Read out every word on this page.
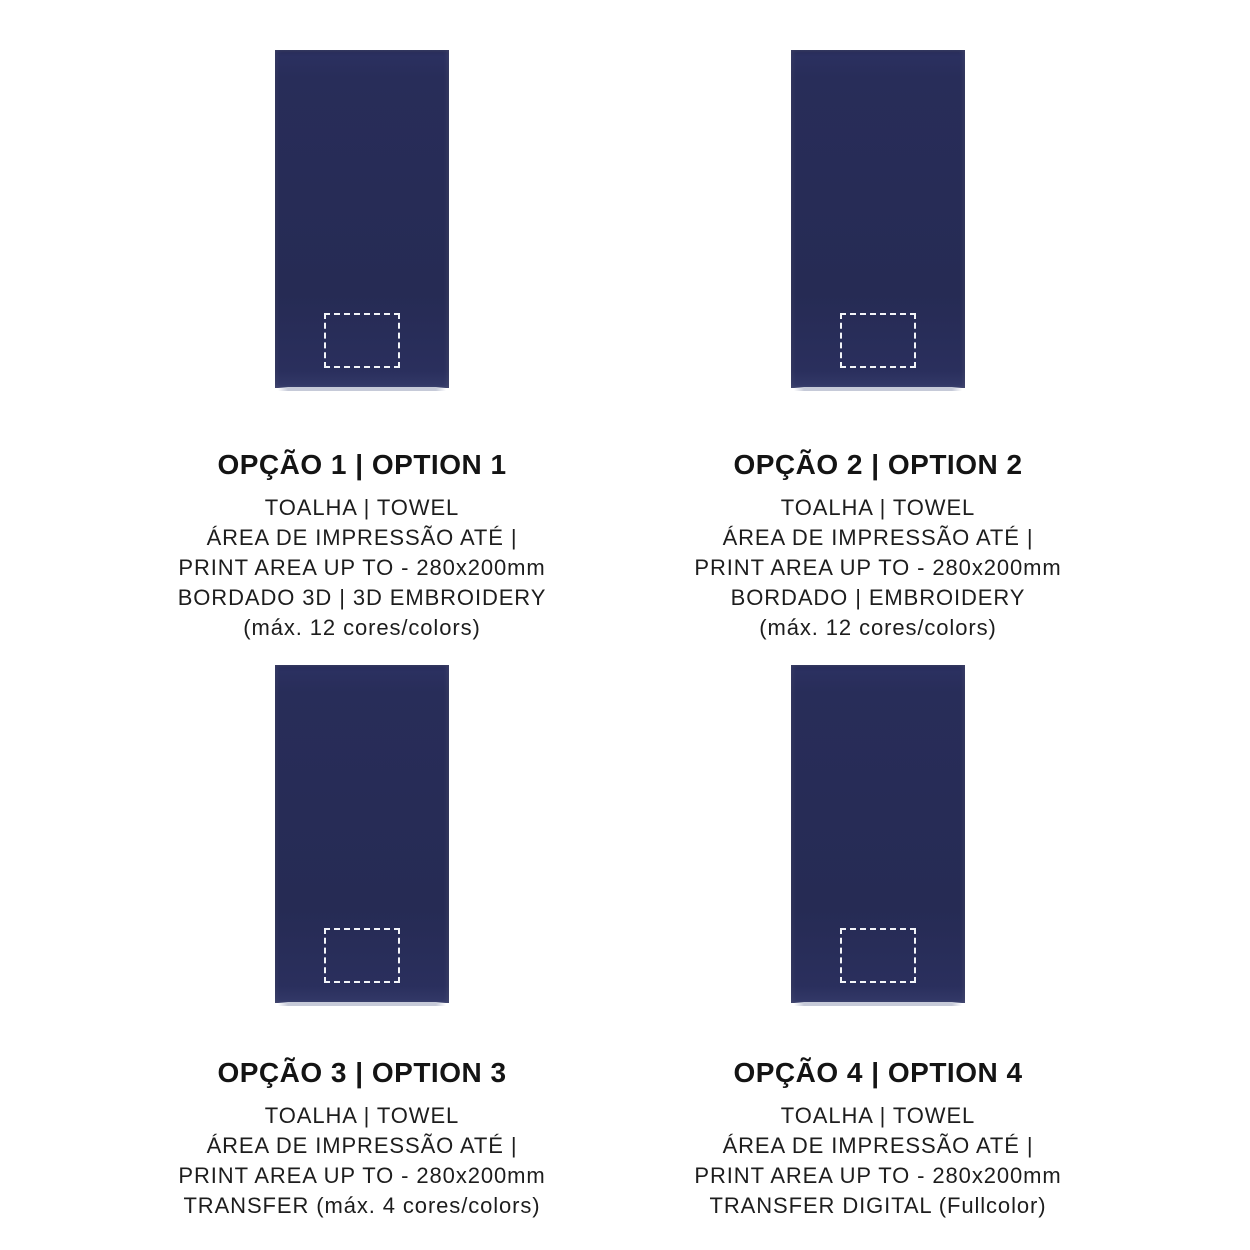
OPÇÃO 1 | OPTION 1
TOALHA | TOWEL
ÁREA DE IMPRESSÃO ATÉ |
PRINT AREA UP TO - 280x200mm
BORDADO 3D | 3D EMBROIDERY
(máx. 12 cores/colors)
OPÇÃO 2 | OPTION 2
TOALHA | TOWEL
ÁREA DE IMPRESSÃO ATÉ |
PRINT AREA UP TO - 280x200mm
BORDADO | EMBROIDERY
(máx. 12 cores/colors)
OPÇÃO 3 | OPTION 3
TOALHA | TOWEL
ÁREA DE IMPRESSÃO ATÉ |
PRINT AREA UP TO - 280x200mm
TRANSFER (máx. 4 cores/colors)
OPÇÃO 4 | OPTION 4
TOALHA | TOWEL
ÁREA DE IMPRESSÃO ATÉ |
PRINT AREA UP TO - 280x200mm
TRANSFER DIGITAL (Fullcolor)
